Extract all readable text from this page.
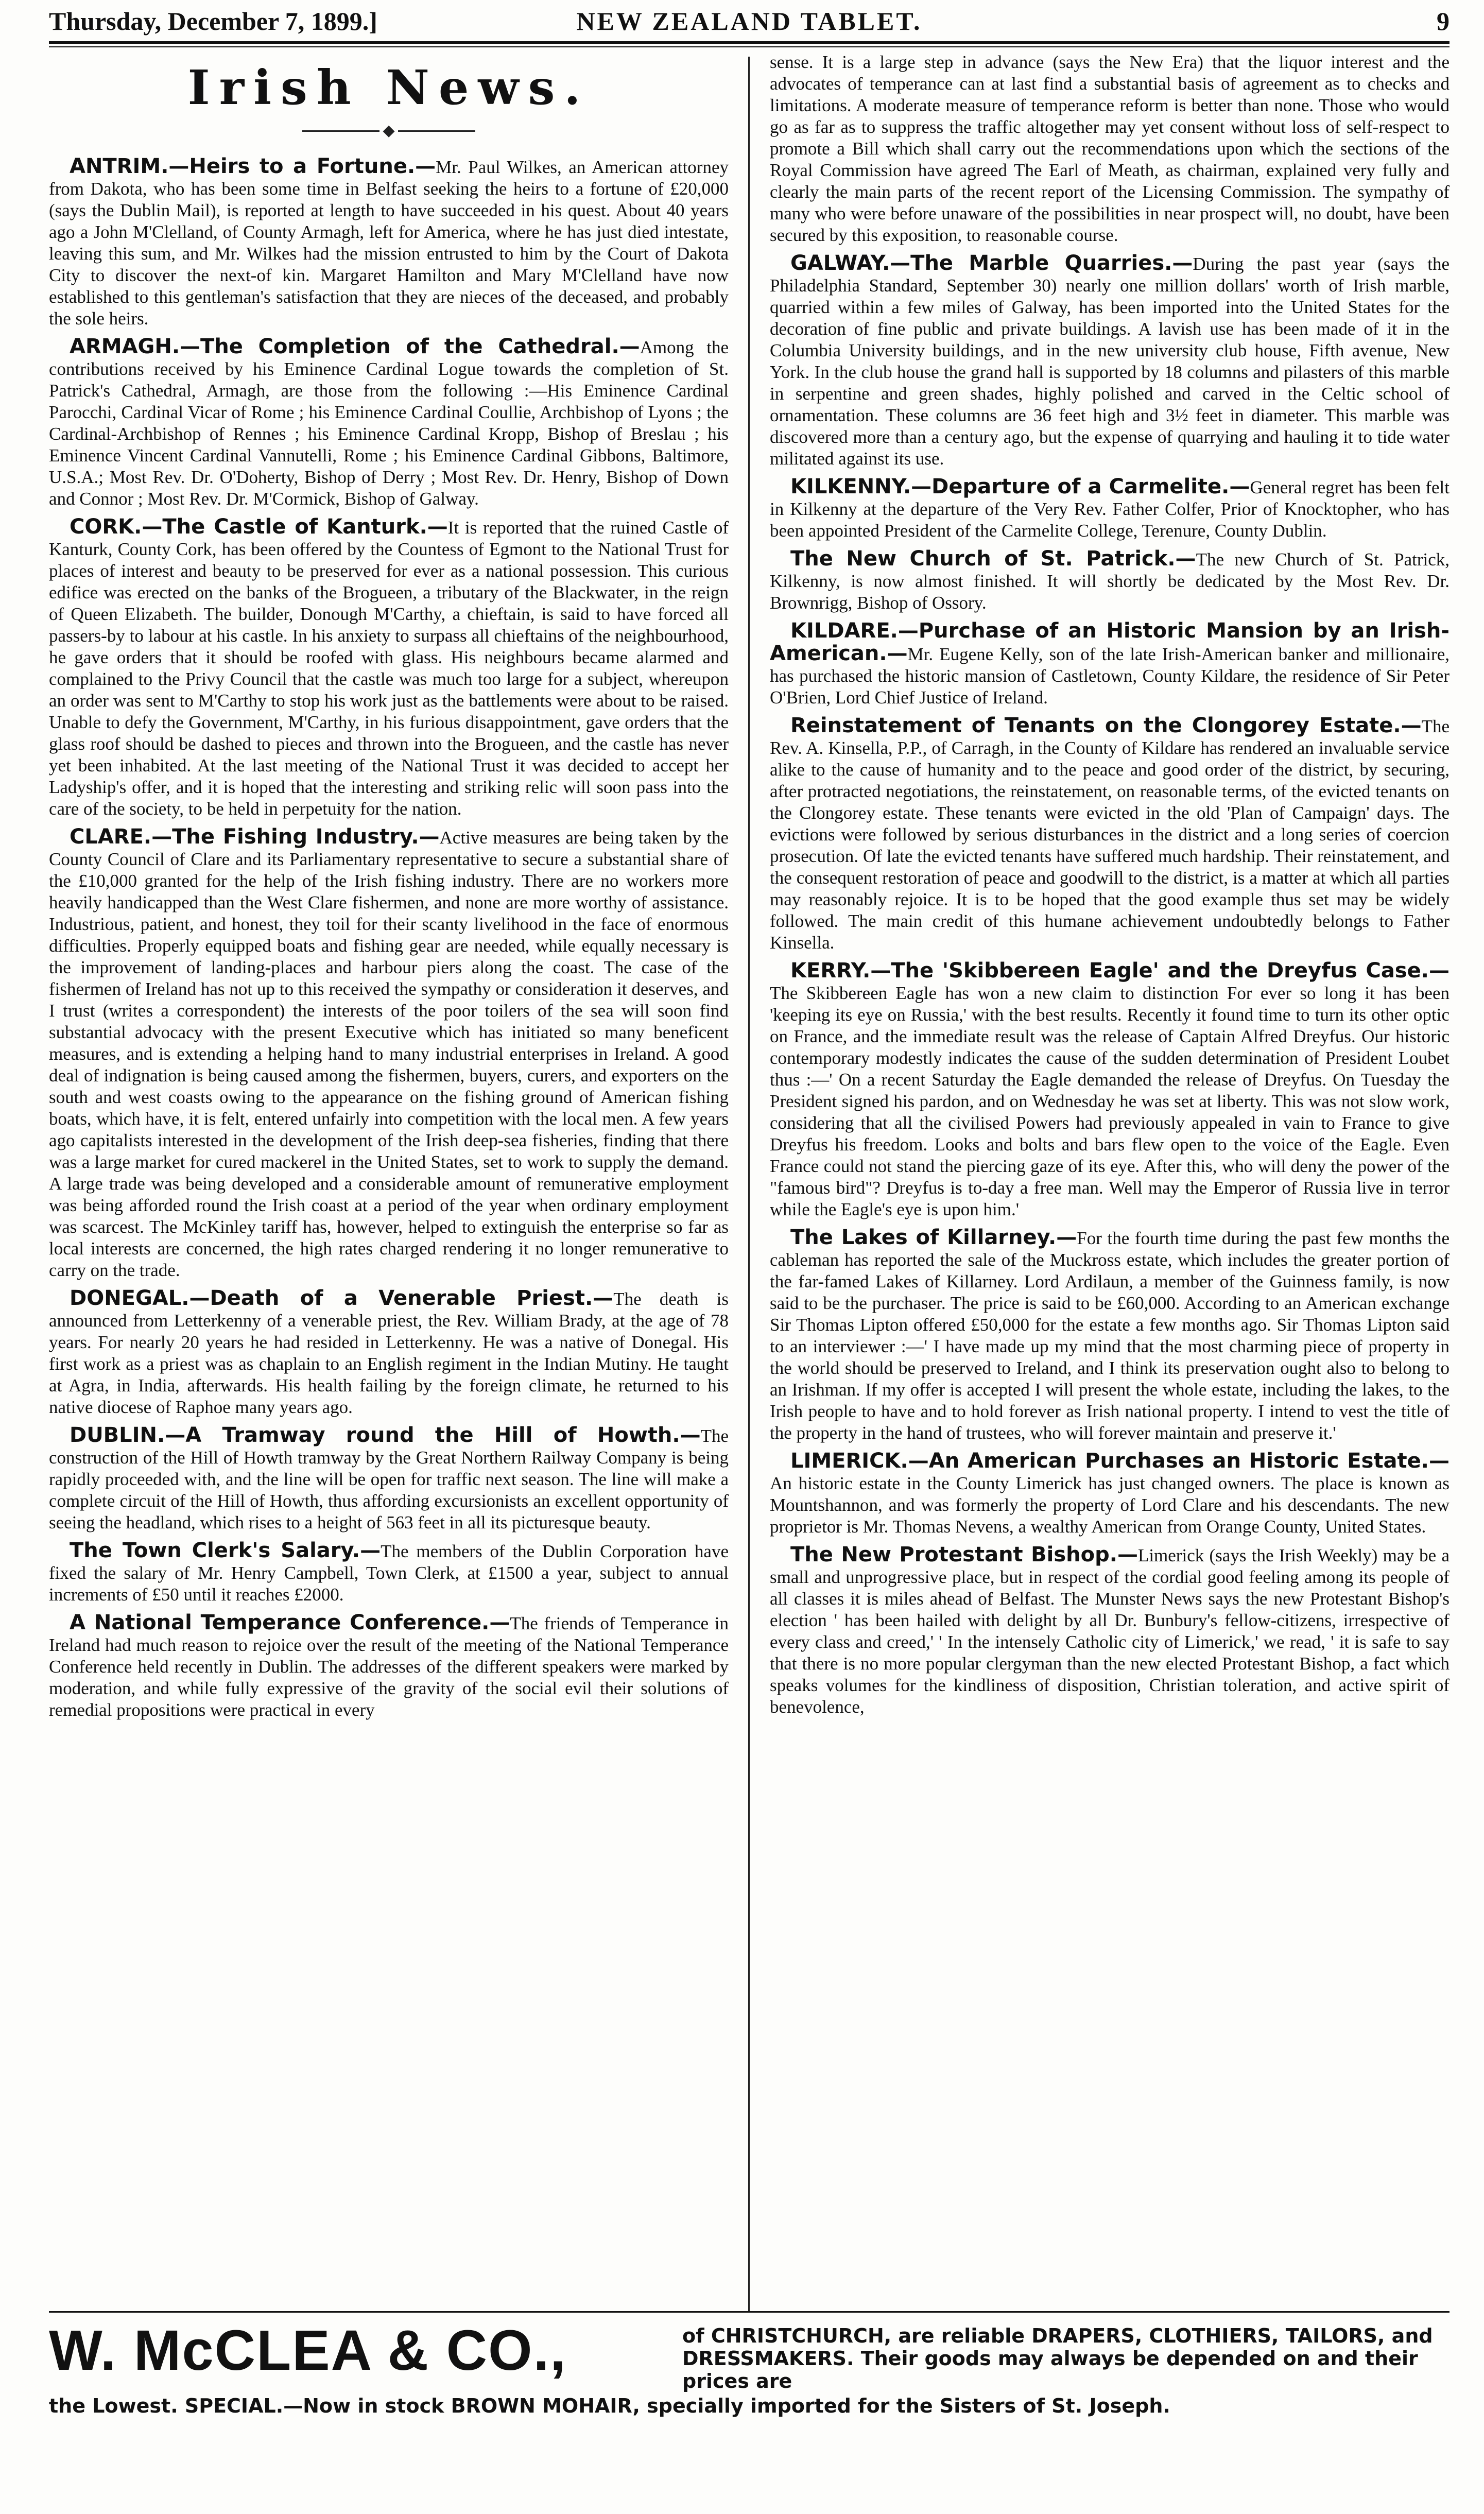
Thursday, December 7, 1899.]	NEW ZEALAND TABLET.	9
Irish News.
◆

ANTRIM.—Heirs to a Fortune.—Mr. Paul Wilkes, an American attorney from Dakota, who has been some time in Belfast seeking the heirs to a fortune of £20,000 (says the Dublin Mail), is reported at length to have succeeded in his quest. About 40 years ago a John M'Clelland, of County Armagh, left for America, where he has just died intestate, leaving this sum, and Mr. Wilkes had the mission entrusted to him by the Court of Dakota City to discover the next-of kin. Margaret Hamilton and Mary M'Clelland have now established to this gentleman's satisfaction that they are nieces of the deceased, and probably the sole heirs.

ARMAGH.—The Completion of the Cathedral.—Among the contributions received by his Eminence Cardinal Logue towards the completion of St. Patrick's Cathedral, Armagh, are those from the following :—His Eminence Cardinal Parocchi, Cardinal Vicar of Rome ; his Eminence Cardinal Coullie, Archbishop of Lyons ; the Cardinal-Archbishop of Rennes ; his Eminence Cardinal Kropp, Bishop of Breslau ; his Eminence Vincent Cardinal Vannutelli, Rome ; his Eminence Cardinal Gibbons, Baltimore, U.S.A.; Most Rev. Dr. O'Doherty, Bishop of Derry ; Most Rev. Dr. Henry, Bishop of Down and Connor ; Most Rev. Dr. M'Cormick, Bishop of Galway.

CORK.—The Castle of Kanturk.—It is reported that the ruined Castle of Kanturk, County Cork, has been offered by the Countess of Egmont to the National Trust for places of interest and beauty to be preserved for ever as a national possession. This curious edifice was erected on the banks of the Brogueen, a tributary of the Blackwater, in the reign of Queen Elizabeth. The builder, Donough M'Carthy, a chieftain, is said to have forced all passers-by to labour at his castle. In his anxiety to surpass all chieftains of the neighbourhood, he gave orders that it should be roofed with glass. His neighbours became alarmed and complained to the Privy Council that the castle was much too large for a subject, whereupon an order was sent to M'Carthy to stop his work just as the battlements were about to be raised. Unable to defy the Government, M'Carthy, in his furious disappointment, gave orders that the glass roof should be dashed to pieces and thrown into the Brogueen, and the castle has never yet been inhabited. At the last meeting of the National Trust it was decided to accept her Ladyship's offer, and it is hoped that the interesting and striking relic will soon pass into the care of the society, to be held in perpetuity for the nation.

CLARE.—The Fishing Industry.—Active measures are being taken by the County Council of Clare and its Parliamentary representative to secure a substantial share of the £10,000 granted for the help of the Irish fishing industry. There are no workers more heavily handicapped than the West Clare fishermen, and none are more worthy of assistance. Industrious, patient, and honest, they toil for their scanty livelihood in the face of enormous difficulties. Properly equipped boats and fishing gear are needed, while equally necessary is the improvement of landing-places and harbour piers along the coast. The case of the fishermen of Ireland has not up to this received the sympathy or consideration it deserves, and I trust (writes a correspondent) the interests of the poor toilers of the sea will soon find substantial advocacy with the present Executive which has initiated so many beneficent measures, and is extending a helping hand to many industrial enterprises in Ireland. A good deal of indignation is being caused among the fishermen, buyers, curers, and exporters on the south and west coasts owing to the appearance on the fishing ground of American fishing boats, which have, it is felt, entered unfairly into competition with the local men. A few years ago capitalists interested in the development of the Irish deep-sea fisheries, finding that there was a large market for cured mackerel in the United States, set to work to supply the demand. A large trade was being developed and a considerable amount of remunerative employment was being afforded round the Irish coast at a period of the year when ordinary employment was scarcest. The McKinley tariff has, however, helped to extinguish the enterprise so far as local interests are concerned, the high rates charged rendering it no longer remunerative to carry on the trade.

DONEGAL.—Death of a Venerable Priest.—The death is announced from Letterkenny of a venerable priest, the Rev. William Brady, at the age of 78 years. For nearly 20 years he had resided in Letterkenny. He was a native of Donegal. His first work as a priest was as chaplain to an English regiment in the Indian Mutiny. He taught at Agra, in India, afterwards. His health failing by the foreign climate, he returned to his native diocese of Raphoe many years ago.

DUBLIN.—A Tramway round the Hill of Howth.—The construction of the Hill of Howth tramway by the Great Northern Railway Company is being rapidly proceeded with, and the line will be open for traffic next season. The line will make a complete circuit of the Hill of Howth, thus affording excursionists an excellent opportunity of seeing the headland, which rises to a height of 563 feet in all its picturesque beauty.

The Town Clerk's Salary.—The members of the Dublin Corporation have fixed the salary of Mr. Henry Campbell, Town Clerk, at £1500 a year, subject to annual increments of £50 until it reaches £2000.

A National Temperance Conference.—The friends of Temperance in Ireland had much reason to rejoice over the result of the meeting of the National Temperance Conference held recently in Dublin. The addresses of the different speakers were marked by moderation, and while fully expressive of the gravity of the social evil their solutions of remedial propositions were practical in every

sense. It is a large step in advance (says the New Era) that the liquor interest and the advocates of temperance can at last find a substantial basis of agreement as to checks and limitations. A moderate measure of temperance reform is better than none. Those who would go as far as to suppress the traffic altogether may yet consent without loss of self-respect to promote a Bill which shall carry out the recommendations upon which the sections of the Royal Commission have agreed The Earl of Meath, as chairman, explained very fully and clearly the main parts of the recent report of the Licensing Commission. The sympathy of many who were before unaware of the possibilities in near prospect will, no doubt, have been secured by this exposition, to reasonable course.

GALWAY.—The Marble Quarries.—During the past year (says the Philadelphia Standard, September 30) nearly one million dollars' worth of Irish marble, quarried within a few miles of Galway, has been imported into the United States for the decoration of fine public and private buildings. A lavish use has been made of it in the Columbia University buildings, and in the new university club house, Fifth avenue, New York. In the club house the grand hall is supported by 18 columns and pilasters of this marble in serpentine and green shades, highly polished and carved in the Celtic school of ornamentation. These columns are 36 feet high and 3½ feet in diameter. This marble was discovered more than a century ago, but the expense of quarrying and hauling it to tide water militated against its use.

KILKENNY.—Departure of a Carmelite.—General regret has been felt in Kilkenny at the departure of the Very Rev. Father Colfer, Prior of Knocktopher, who has been appointed President of the Carmelite College, Terenure, County Dublin.

The New Church of St. Patrick.—The new Church of St. Patrick, Kilkenny, is now almost finished. It will shortly be dedicated by the Most Rev. Dr. Brownrigg, Bishop of Ossory.

KILDARE.—Purchase of an Historic Mansion by an Irish-American.—Mr. Eugene Kelly, son of the late Irish-American banker and millionaire, has purchased the historic mansion of Castletown, County Kildare, the residence of Sir Peter O'Brien, Lord Chief Justice of Ireland.

Reinstatement of Tenants on the Clongorey Estate.—The Rev. A. Kinsella, P.P., of Carragh, in the County of Kildare has rendered an invaluable service alike to the cause of humanity and to the peace and good order of the district, by securing, after protracted negotiations, the reinstatement, on reasonable terms, of the evicted tenants on the Clongorey estate. These tenants were evicted in the old 'Plan of Campaign' days. The evictions were followed by serious disturbances in the district and a long series of coercion prosecution. Of late the evicted tenants have suffered much hardship. Their reinstatement, and the consequent restoration of peace and goodwill to the district, is a matter at which all parties may reasonably rejoice. It is to be hoped that the good example thus set may be widely followed. The main credit of this humane achievement undoubtedly belongs to Father Kinsella.

KERRY.—The 'Skibbereen Eagle' and the Dreyfus Case.—The Skibbereen Eagle has won a new claim to distinction For ever so long it has been 'keeping its eye on Russia,' with the best results. Recently it found time to turn its other optic on France, and the immediate result was the release of Captain Alfred Dreyfus. Our historic contemporary modestly indicates the cause of the sudden determination of President Loubet thus :—' On a recent Saturday the Eagle demanded the release of Dreyfus. On Tuesday the President signed his pardon, and on Wednesday he was set at liberty. This was not slow work, considering that all the civilised Powers had previously appealed in vain to France to give Dreyfus his freedom. Looks and bolts and bars flew open to the voice of the Eagle. Even France could not stand the piercing gaze of its eye. After this, who will deny the power of the "famous bird"? Dreyfus is to-day a free man. Well may the Emperor of Russia live in terror while the Eagle's eye is upon him.'

The Lakes of Killarney.—For the fourth time during the past few months the cableman has reported the sale of the Muckross estate, which includes the greater portion of the far-famed Lakes of Killarney. Lord Ardilaun, a member of the Guinness family, is now said to be the purchaser. The price is said to be £60,000. According to an American exchange Sir Thomas Lipton offered £50,000 for the estate a few months ago. Sir Thomas Lipton said to an interviewer :—' I have made up my mind that the most charming piece of property in the world should be preserved to Ireland, and I think its preservation ought also to belong to an Irishman. If my offer is accepted I will present the whole estate, including the lakes, to the Irish people to have and to hold forever as Irish national property. I intend to vest the title of the property in the hand of trustees, who will forever maintain and preserve it.'

LIMERICK.—An American Purchases an Historic Estate.—An historic estate in the County Limerick has just changed owners. The place is known as Mountshannon, and was formerly the property of Lord Clare and his descendants. The new proprietor is Mr. Thomas Nevens, a wealthy American from Orange County, United States.

The New Protestant Bishop.—Limerick (says the Irish Weekly) may be a small and unprogressive place, but in respect of the cordial good feeling among its people of all classes it is miles ahead of Belfast. The Munster News says the new Protestant Bishop's election ' has been hailed with delight by all Dr. Bunbury's fellow-citizens, irrespective of every class and creed,' ' In the intensely Catholic city of Limerick,' we read, ' it is safe to say that there is no more popular clergyman than the new elected Protestant Bishop, a fact which speaks volumes for the kindliness of disposition, Christian toleration, and active spirit of benevolence,

W. McCLEA & CO.,	of CHRISTCHURCH, are reliable DRAPERS, CLOTHIERS, TAILORS, and DRESSMAKERS. Their goods may always be depended on and their prices are
the Lowest. SPECIAL.—Now in stock BROWN MOHAIR, specially imported for the Sisters of St. Joseph.
